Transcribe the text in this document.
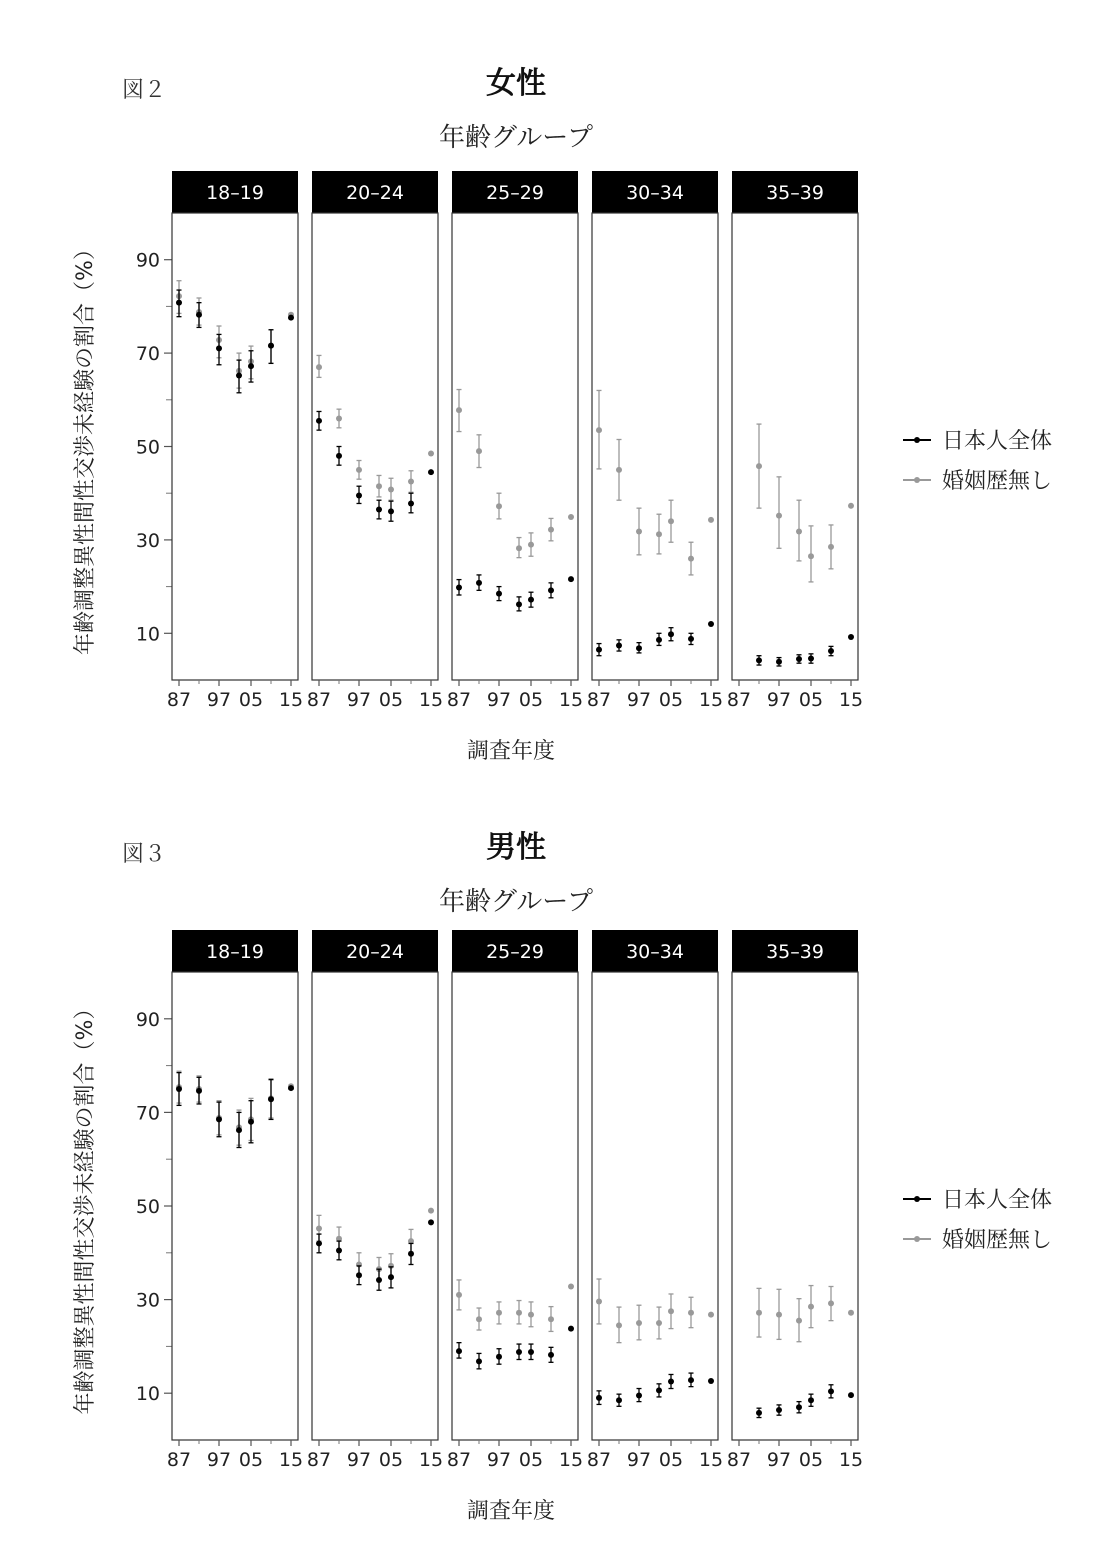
図２	女性
年齢グループ
10
30
50
70
90
年齢調整異性間性交渉未経験の割合（%）
調査年度
18–19
87 97 05 15
20–24
87 97 05 15
25–29
87 97 05 15
30–34
87 97 05 15
35–39
87 97 05 15
日本人全体
婚姻歴無し
図３	男性
年齢グループ
10
30
50
70
90
年齢調整異性間性交渉未経験の割合（%）
調査年度
18–19
87 97 05 15
20–24
87 97 05 15
25–29
87 97 05 15
30–34
87 97 05 15
35–39
87 97 05 15
日本人全体
婚姻歴無し
